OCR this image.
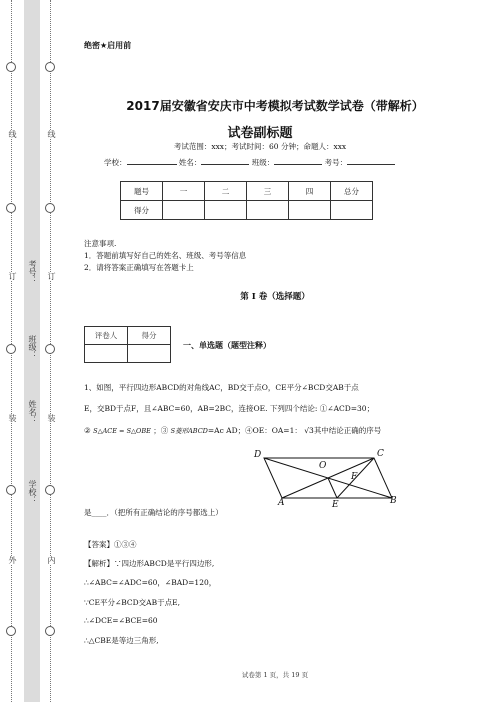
外
装
订
线
学校：
姓名：
班级：
考号：
内
装
订
线
绝密★启用前
2017届安徽省安庆市中考模拟考试数学试卷（带解析）
试卷副标题
考试范围：xxx；考试时间：60 分钟；命题人：xxx
学校：	姓名：	班级：	考号：
题号	一	二	三	四	总分
得分					
注意事项.
1．答题前填写好自己的姓名、班级、考号等信息
2．请将答案正确填写在答题卡上
第 I 卷（选择题）
评卷人	得分

一、单选题（题型注释）
1、如图，平行四边形ABCD的对角线AC，BD交于点O，CE平分∠BCD交AB于点
E，交BD于点F，且∠ABC=60，AB=2BC，连接OE. 下列四个结论: ①∠ACD=30；
② S△ACE = S△OBE ；③ S菱形ABCD=Ac AD；④OE：OA=1： √3其中结论正确的序号
D	C
O
F
A	E	B
是____．（把所有正确结论的序号都选上）
【答案】①③④
【解析】∵四边形ABCD是平行四边形,
∴∠ABC=∠ADC=60，∠BAD=120，
∵CE平分∠BCD交AB于点E,
∴∠DCE=∠BCE=60
∴△CBE是等边三角形,
试卷第 1 页，共 19 页
